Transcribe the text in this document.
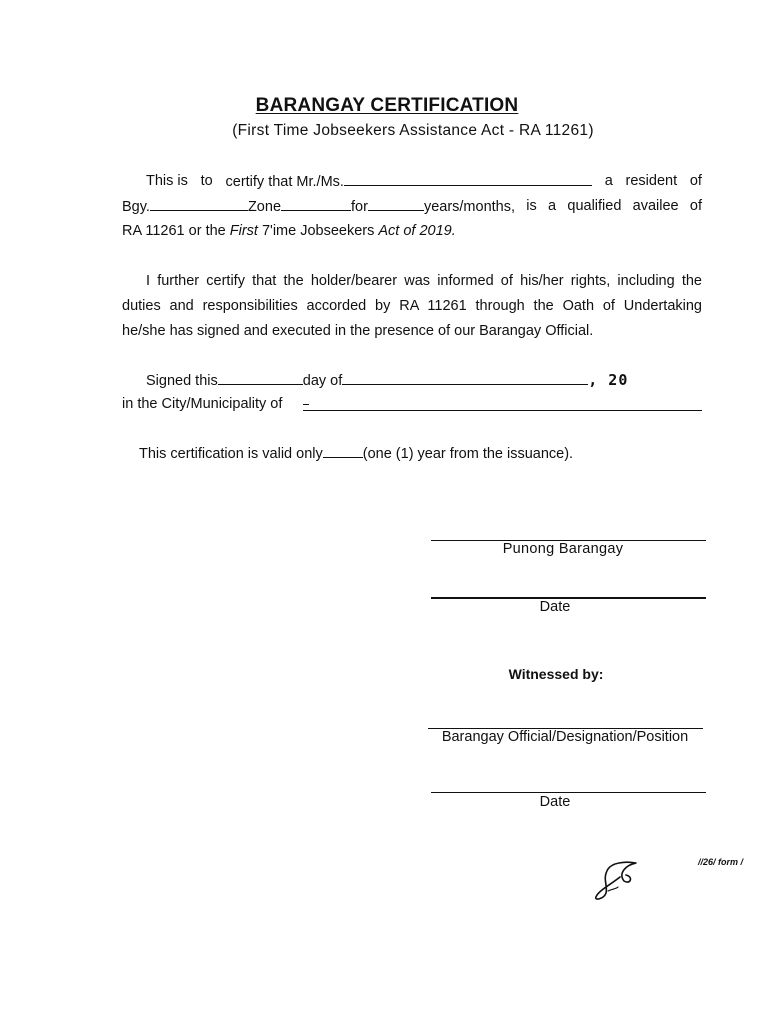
BARANGAY CERTIFICATION
(First Time Jobseekers Assistance Act - RA 11261)
This is to certify that Mr./Ms.	a resident of
Bgy.	Zone	for	years/months, is a qualified availee of
RA 11261 or the First 7'ime Jobseekers Act of 2019.
I further certify that the holder/bearer was informed of his/her rights, including the
duties and responsibilities accorded by RA 11261 through the Oath of Undertaking
he/she has signed and executed in the presence of our Barangay Official.
Signed this	day of	, 20
in the City/Municipality of
This certification is valid only	(one (1) year from the issuance).
Punong Barangay
Date
Witnessed by:
Barangay Official/Designation/Position
Date
//26/ form /
